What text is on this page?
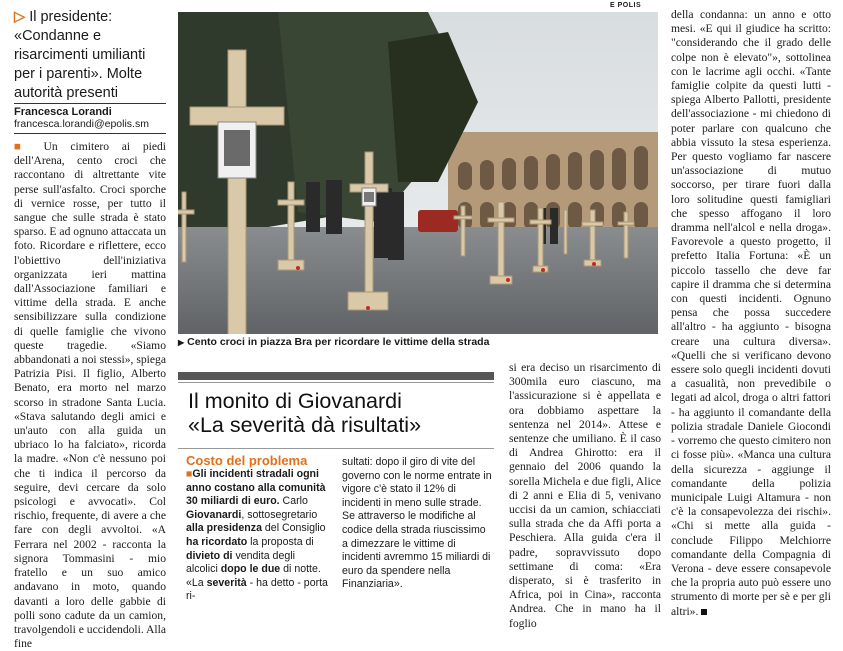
▷ Il presidente: «Condanne e risarcimenti umilianti per i parenti». Molte autorità presenti
Francesca Lorandi
francesca.lorandi@epolis.sm

■ Un cimitero ai piedi dell'Arena, cento croci che raccontano di altrettante vite perse sull'asfalto. Croci sporche di vernice rosse, per tutto il sangue che sulle strada è stato sparso. E ad ognuno attaccata un foto. Ricordare e riflettere, ecco l'obiettivo dell'iniziativa organizzata ieri mattina dall'Associazione familiari e vittime della strada. E anche sensibilizzare sulla condizione di quelle famiglie che vivono queste tragedie. «Siamo abbandonati a noi stessi», spiega Patrizia Pisi. Il figlio, Alberto Benato, era morto nel marzo scorso in stradone Santa Lucia. «Stava salutando degli amici e un'auto con alla guida un ubriaco lo ha falciato», ricorda la madre. «Non c'è nessuno poi che ti indica il percorso da seguire, devi cercare da solo psicologi e avvocati». Col rischio, frequente, di avere a che fare con degli avvoltoi. «A Ferrara nel 2002 - racconta la signora Tommasini - mio fratello e un suo amico andavano in moto, quando davanti a loro delle gabbie di polli sono cadute da un camion, travolgendoli e uccidendoli. Alla fine

E POLIS
▶ Cento croci in piazza Bra per ricordare le vittime della strada

della condanna: un anno e otto mesi. «E qui il giudice ha scritto: "considerando che il grado delle colpe non è elevato"», sottolinea con le lacrime agli occhi. «Tante famiglie colpite da questi lutti - spiega Alberto Pallotti, presidente dell'associazione - mi chiedono di poter parlare con qualcuno che abbia vissuto la stesa esperienza. Per questo vogliamo far nascere un'associazione di mutuo soccorso, per tirare fuori dalla loro solitudine questi famigliari che spesso affogano il loro dramma nell'alcol e nella droga». Favorevole a questo progetto, il prefetto Italia Fortuna: «È un piccolo tassello che deve far capire il dramma che si determina con questi incidenti. Ognuno pensa che possa succedere all'altro - ha aggiunto - bisogna creare una cultura diversa». «Quelli che si verificano devono essere solo quegli incidenti dovuti a casualità, non prevedibile o legati ad alcol, droga o altri fattori - ha aggiunto il comandante della polizia stradale Daniele Giocondi - vorremo che questo cimitero non ci fosse più». «Manca una cultura della sicurezza - aggiunge il comandante della polizia municipale Luigi Altamura - non c'è la consapevolezza dei rischi». «Chi si mette alla guida - conclude Filippo Melchiorre comandante della Compagnia di Verona - deve essere consapevole che la propria auto può essere uno strumento di morte per sè e per gli altri».

Il monito di Giovanardi
«La severità dà risultati»
Costo del problema
■Gli incidenti stradali ogni anno costano alla comunità 30 miliardi di euro. Carlo Giovanardi, sottosegretario alla presidenza del Consiglio ha ricordato la proposta di divieto di vendita degli alcolici dopo le due di notte. «La severità - ha detto - porta ri-
sultati: dopo il giro di vite del governo con le norme entrate in vigore c'è stato il 12% di incidenti in meno sulle strade. Se attraverso le modifiche al codice della strada riuscissimo a dimezzare le vittime di incidenti avremmo 15 miliardi di euro da spendere nella Finanziaria».

si era deciso un risarcimento di 300mila euro ciascuno, ma l'assicurazione si è appellata e ora dobbiamo aspettare la sentenza nel 2014». Attese e sentenze che umiliano. È il caso di Andrea Ghirotto: era il gennaio del 2006 quando la sorella Michela e due figli, Alice di 2 anni e Elia di 5, venivano uccisi da un camion, schiacciati sulla strada che da Affi porta a Peschiera. Alla guida c'era il padre, sopravvissuto dopo settimane di coma: «Era disperato, si è trasferito in Africa, poi in Cina», racconta Andrea. Che in mano ha il foglio
